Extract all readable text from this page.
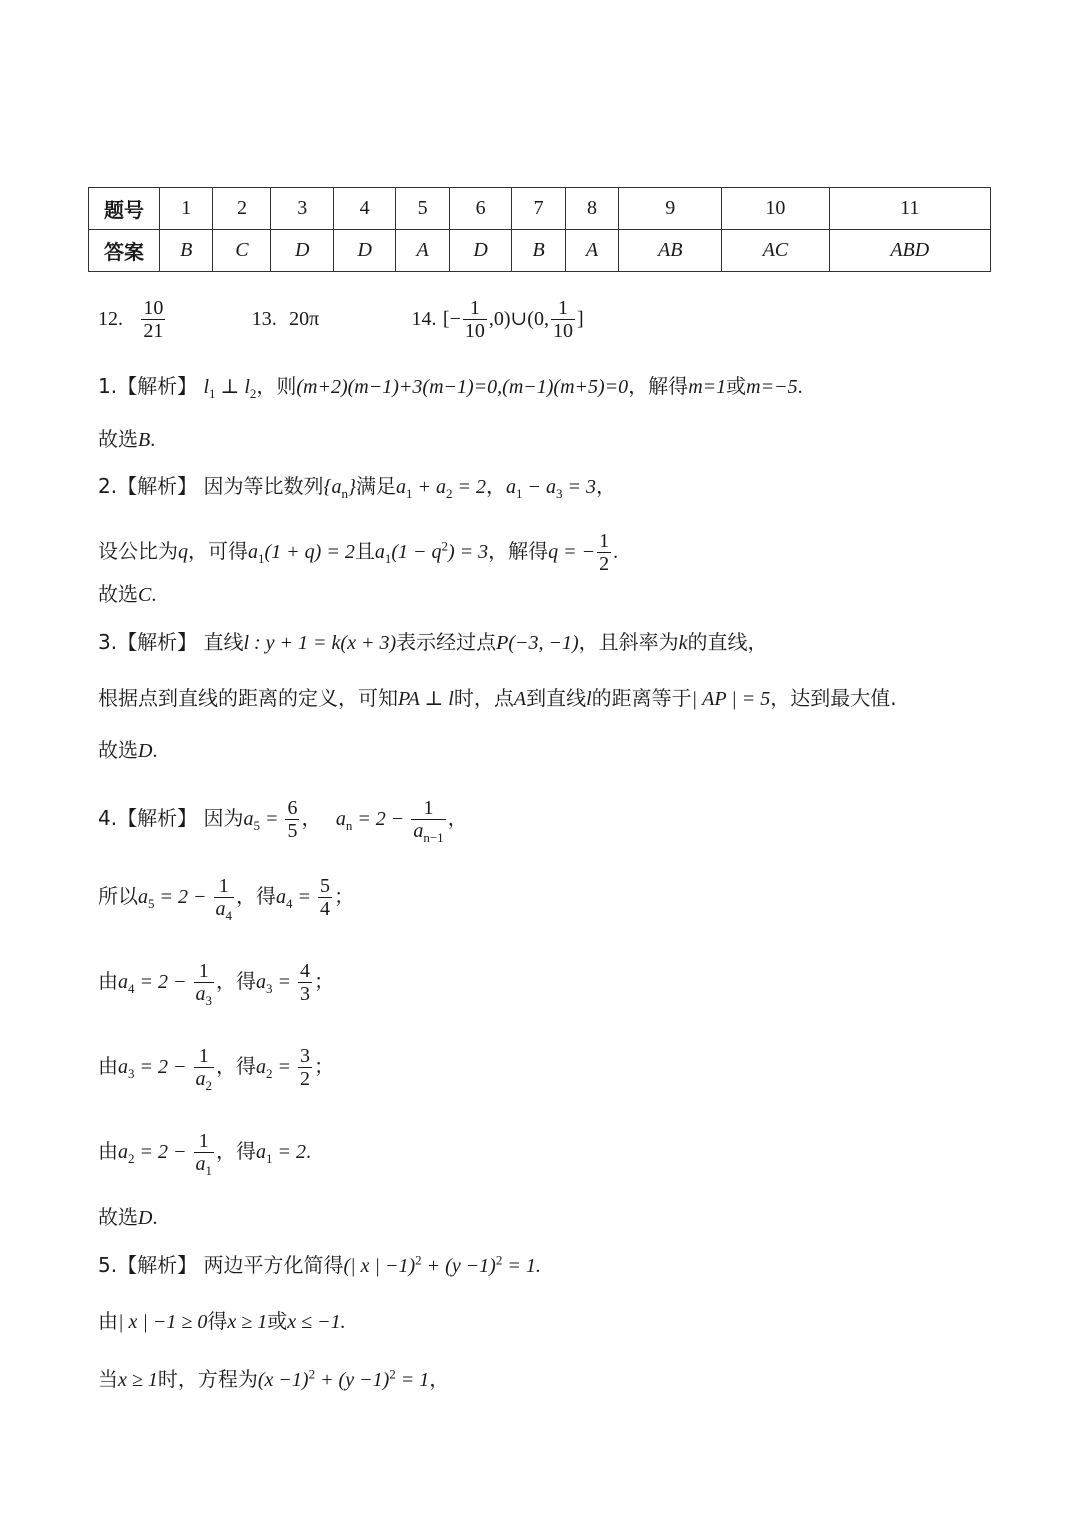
题号	1	2	3	4	5	6	7	8	9	10	11
答案	B	C	D	D	A	D	B	A	AB	AC	ABD
12. $\frac{10}{21}$	13. 20π	14. [− $\frac{1}{10}$ ,0)∪(0, $\frac{1}{10}$ ]
1.【解析】 $l_1$ ⊥ $l_2$，则(m+2)(m−1)+3(m−1)=0,(m−1)(m+5)=0，解得m=1或m=−5.
故选B.
2.【解析】 因为等比数列$\{a_n\}$满足$a_1 + a_2 = 2$，$a_1 - a_3 = 3$，
设公比为q，可得$a_1(1 + q) = 2$且$a_1(1 - q^2) = 3$，解得q = − $\frac{1}{2}$ .
故选C.
3.【解析】 直线l : y + 1 = k(x + 3)表示经过点P(−3, −1)，且斜率为k的直线，
根据点到直线的距离的定义，可知PA ⊥ l时，点A到直线l的距离等于| AP | = 5，达到最大值.
故选D.
4.【解析】 因为$a_5 = \frac{6}{5}$ ， $a_n = 2 - \frac{1}{a_{n-1}}$ ，
所以$a_5 = 2 - \frac{1}{a_4}$ ，得$a_4 = \frac{5}{4}$ ；
由$a_4 = 2 - \frac{1}{a_3}$ ，得$a_3 = \frac{4}{3}$ ；
由$a_3 = 2 - \frac{1}{a_2}$ ，得$a_2 = \frac{3}{2}$ ；
由$a_2 = 2 - \frac{1}{a_1}$ ，得$a_1 = 2$.
故选D.
5.【解析】 两边平方化简得(| x | $-1)^2 + (y -1)^2 = 1$.
由| x | −1 ≥ 0得x ≥ 1或x ≤ −1.
当x ≥ 1时，方程为$(x -1)^2 + (y -1)^2 = 1$，
